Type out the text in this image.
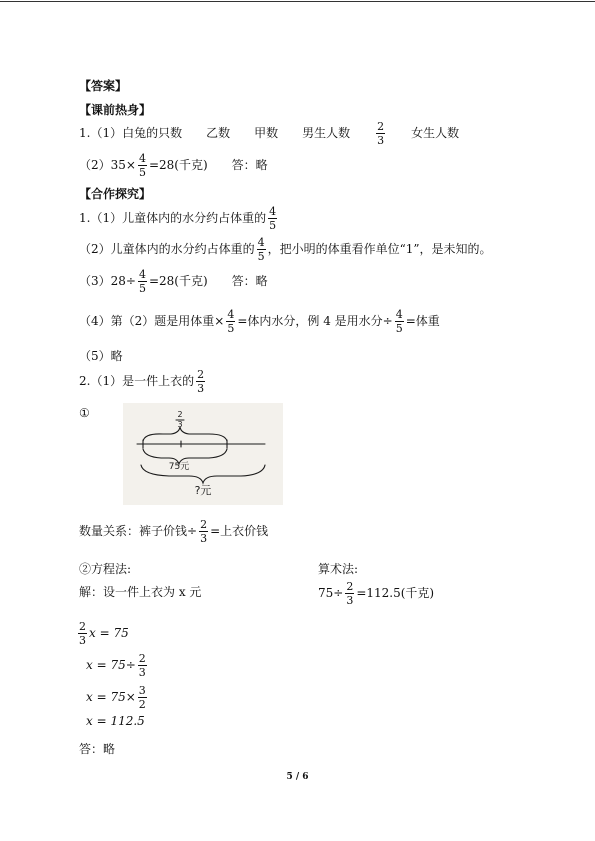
【答案】
【课前热身】
1.（1）白兔的只数 乙数 甲数 男生人数 $\frac{2}{3}$ 女生人数
$(2)35\times \frac{4}{5} =28$(千克) 答：略
【合作探究】
1.（1）儿童体内的水分约占体重的 $\frac{4}{5}$
（2）儿童体内的水分约占体重的 $\frac{4}{5}$ ，把小明的体重看作单位“1”，是未知的。
$(3)28\div \frac{4}{5} =28$(千克) 答：略
（4）第（2）题是用体重× $\frac{4}{5}$ =体内水分，例 4 是用水分÷ $\frac{4}{5}$ =体重
（5）略
2.（1）是一件上衣的 $\frac{2}{3}$
①	2
3
75元
?元
数量关系：裤子价钱÷ $\frac{2}{3}$ =上衣价钱
②方程法:	算术法:
解：设一件上衣为 x 元	$75\div \frac{2}{3} =112.5$(千克)
$\frac{2}{3}$ x = 75
$x = 75\div \frac{2}{3}$
$x = 75\times \frac{3}{2}$
x = 112.5
答：略
5 / 6
